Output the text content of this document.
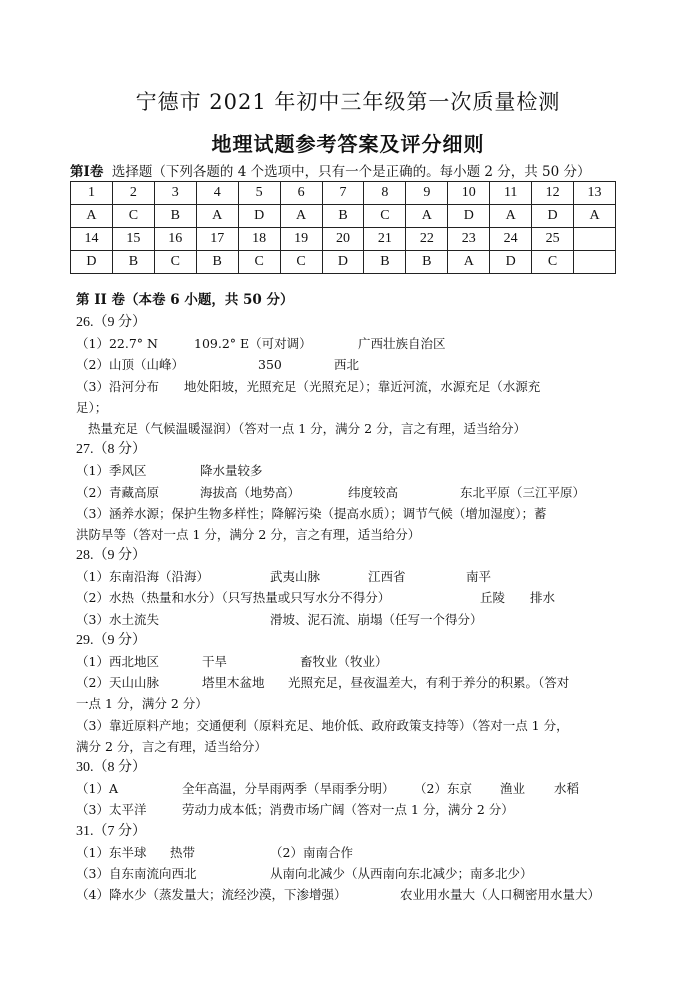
宁德市 2021 年初中三年级第一次质量检测
地理试题参考答案及评分细则
第Ⅰ卷 选择题（下列各题的 4 个选项中，只有一个是正确的。每小题 2 分，共 50 分）
1	2	3	4	5	6	7	8	9	10	11	12	13
A	C	B	A	D	A	B	C	A	D	A	D	A
14	15	16	17	18	19	20	21	22	23	24	25	
D	B	C	B	C	C	D	B	B	A	D	C	
第 II 卷（本卷 6 小题，共 50 分）
26.（9 分）
（1）22.7° N	109.2° E（可对调）	广西壮族自治区
（2）山顶（山峰）	350	西北
（3）沿河分布　　地处阳坡，光照充足（光照充足）；靠近河流，水源充足（水源充
足）；
热量充足（气候温暖湿润）（答对一点 1 分，满分 2 分，言之有理，适当给分）
27.（8 分）
（1）季风区	降水量较多
（2）青藏高原	海拔高（地势高）	纬度较高	东北平原（三江平原）
（3）涵养水源；保护生物多样性；降解污染（提高水质）；调节气候（增加湿度）；蓄
洪防旱等（答对一点 1 分，满分 2 分，言之有理，适当给分）
28.（9 分）
（1）东南沿海（沿海）	武夷山脉	江西省	南平
（2）水热（热量和水分）（只写热量或只写水分不得分）	丘陵 排水
（3）水土流失	滑坡、泥石流、崩塌（任写一个得分）
29.（9 分）
（1）西北地区	干旱	畜牧业（牧业）
（2）天山山脉	塔里木盆地 光照充足，昼夜温差大，有利于养分的积累。（答对
一点 1 分，满分 2 分）
（3）靠近原料产地；交通便利（原料充足、地价低、政府政策支持等）（答对一点 1 分，
满分 2 分，言之有理，适当给分）
30.（8 分）
（1）A	全年高温，分旱雨两季（旱雨季分明） （2）东京 渔业 水稻
（3）太平洋	劳动力成本低；消费市场广阔（答对一点 1 分，满分 2 分）
31.（7 分）
（1）东半球 热带	（2）南南合作
（3）自东南流向西北	从南向北减少（从西南向东北减少；南多北少）
（4）降水少（蒸发量大；流经沙漠，下渗增强）	农业用水量大（人口稠密用水量大）
